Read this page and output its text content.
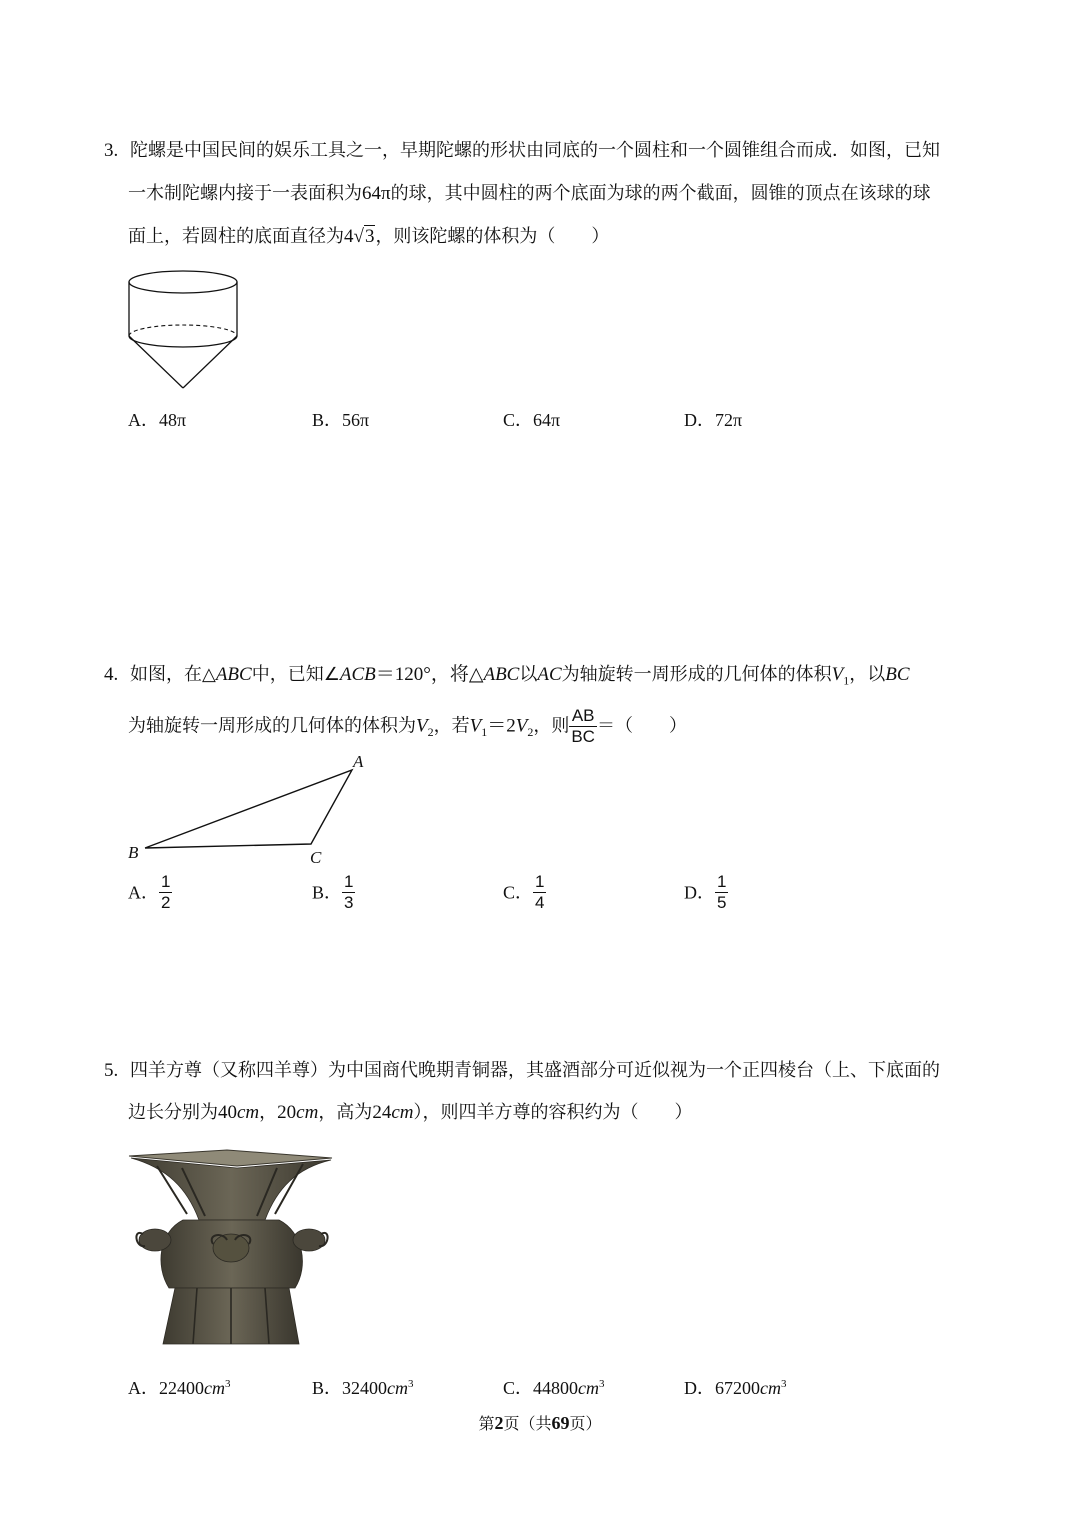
3. 陀螺是中国民间的娱乐工具之一，早期陀螺的形状由同底的一个圆柱和一个圆锥组合而成．如图，已知
一木制陀螺内接于一表面积为64π的球，其中圆柱的两个底面为球的两个截面，圆锥的顶点在该球的球
面上，若圆柱的底面直径为4√3，则该陀螺的体积为（　　）
A．48π	B．56π	C．64π	D．72π
4. 如图，在△ABC中，已知∠ACB＝120°，将△ABC以AC为轴旋转一周形成的几何体的体积$V_1$，以BC
为轴旋转一周形成的几何体的体积为$V_2$，若$V_1=2V_2$，则 $\frac{AB}{BC}$ ＝（　　）
A
B	C
A． $\frac{1}{2}$	B． $\frac{1}{3}$	C． $\frac{1}{4}$	D． $\frac{1}{5}$
5. 四羊方尊（又称四羊尊）为中国商代晚期青铜器，其盛酒部分可近似视为一个正四棱台（上、下底面的
边长分别为40cm，20cm，高为24cm），则四羊方尊的容积约为（　　）
A．$22400cm^3$	B．$32400cm^3$	C．$44800cm^3$	D．$67200cm^3$
第2页（共69页）
